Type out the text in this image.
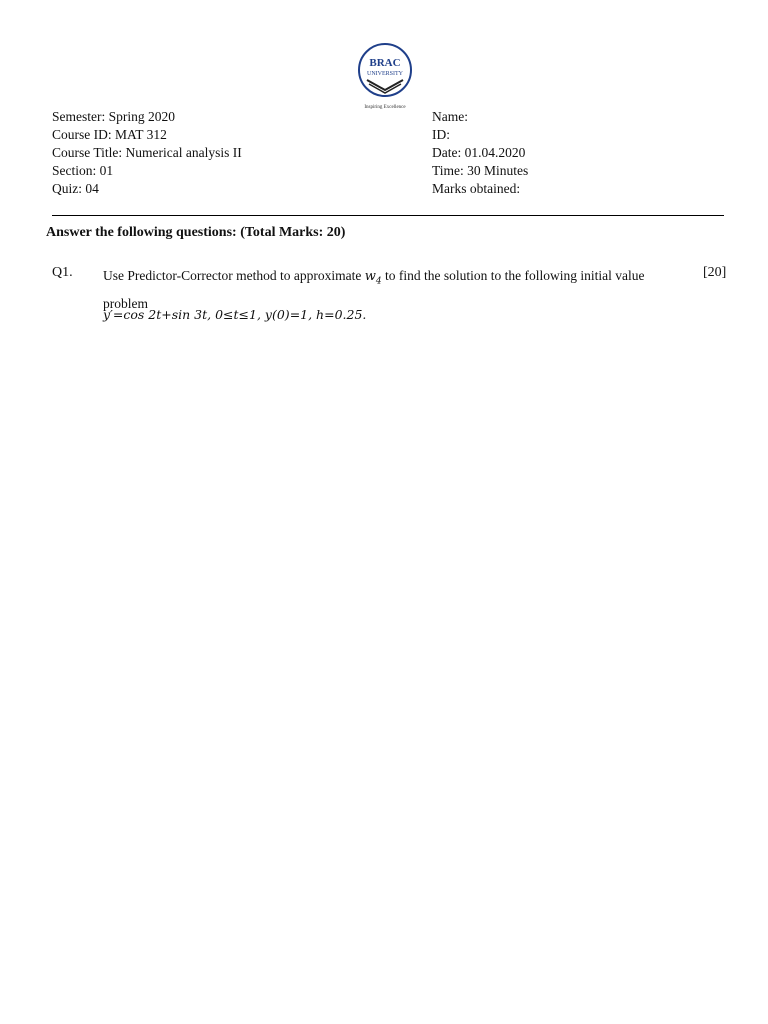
BRAC
UNIVERSITY
Inspiring Excellence
Semester: Spring 2020
Course ID: MAT 312
Course Title: Numerical analysis II
Section: 01
Quiz: 04
Name:
ID:
Date: 01.04.2020
Time: 30 Minutes
Marks obtained:
Answer the following questions: (Total Marks: 20)
Q1. Use Predictor-Corrector method to approximate $w_4$ to find the solution to the following initial value problem
[20]
y′=cos 2t+sin 3t, 0≤t≤1, y(0)=1, h=0.25.
